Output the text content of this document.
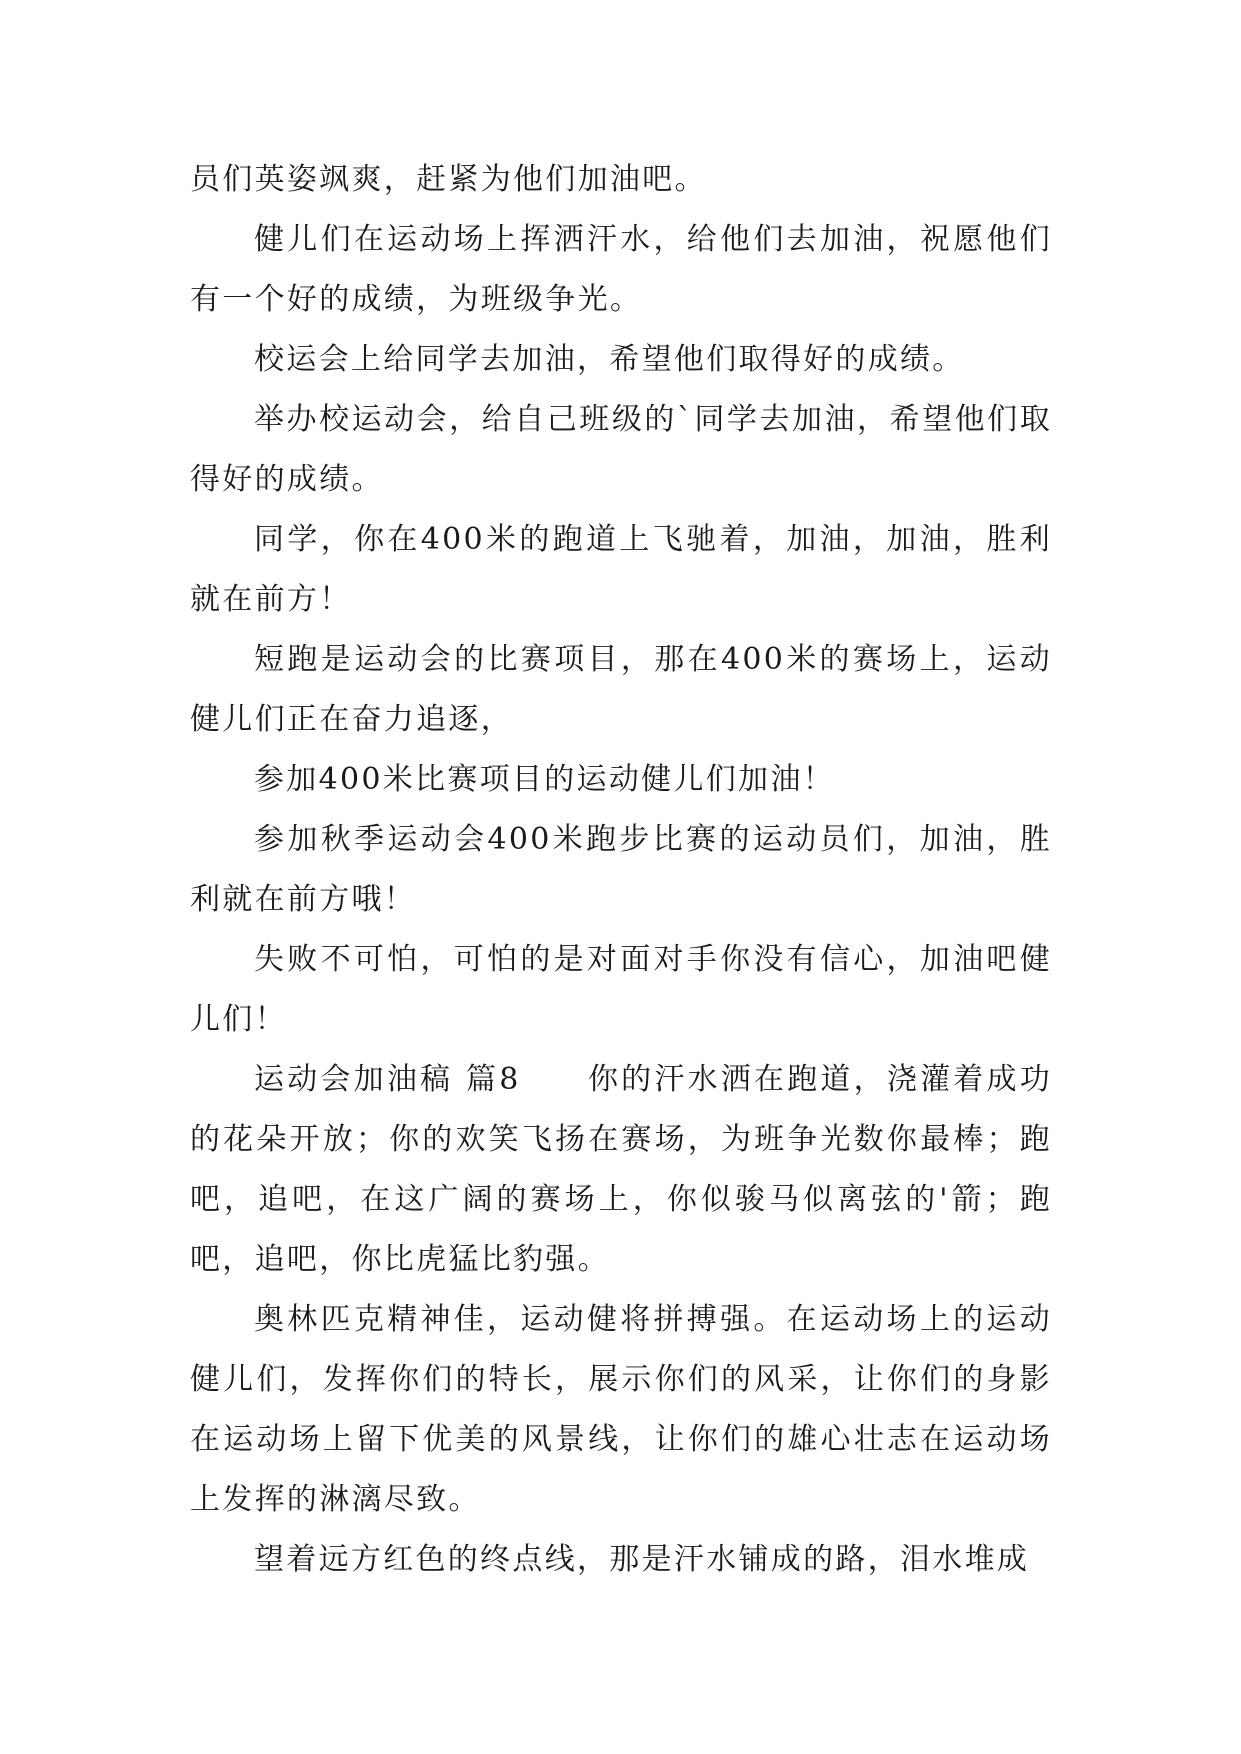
员们英姿飒爽，赶紧为他们加油吧。

健儿们在运动场上挥洒汗水，给他们去加油，祝愿他们有一个好的成绩，为班级争光。

校运会上给同学去加油，希望他们取得好的成绩。

举办校运动会，给自己班级的`同学去加油，希望他们取得好的成绩。

同学，你在400米的跑道上飞驰着，加油，加油，胜利就在前方！

短跑是运动会的比赛项目，那在400米的赛场上，运动健儿们正在奋力追逐，

参加400米比赛项目的运动健儿们加油！

参加秋季运动会400米跑步比赛的运动员们，加油，胜利就在前方哦！

失败不可怕，可怕的是对面对手你没有信心，加油吧健儿们！

运动会加油稿 篇8　　你的汗水洒在跑道，浇灌着成功的花朵开放；你的欢笑飞扬在赛场，为班争光数你最棒；跑吧，追吧，在这广阔的赛场上，你似骏马似离弦的'箭；跑吧，追吧，你比虎猛比豹强。

奥林匹克精神佳，运动健将拼搏强。在运动场上的运动健儿们，发挥你们的特长，展示你们的风采，让你们的身影在运动场上留下优美的风景线，让你们的雄心壮志在运动场上发挥的淋漓尽致。

望着远方红色的终点线，那是汗水铺成的路，泪水堆成
